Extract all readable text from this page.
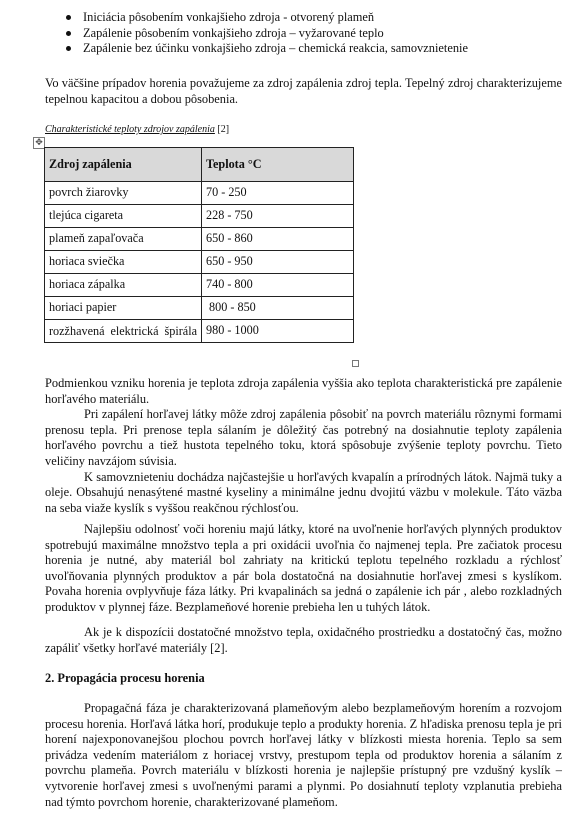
Iniciácia pôsobením vonkajšieho zdroja - otvorený plameň
Zapálenie pôsobením vonkajšieho zdroja – vyžarované teplo
Zapálenie bez účinku vonkajšieho zdroja – chemická reakcia, samovznietenie

Vo väčšine prípadov horenia považujeme za zdroj zapálenia zdroj tepla. Tepelný zdroj charakterizujeme tepelnou kapacitou a dobou pôsobenia.

Charakteristické teploty zdrojov zapálenia [2]
✥
Zdroj zapálenia	Teplota °C
povrch žiarovky	70 - 250
tlejúca cigareta	228 - 750
plameň zapaľovača	650 - 860
horiaca sviečka	650 - 950
horiaca zápalka	740 - 800
horiaci papier	800 - 850
rozžhavená elektrická špirála	980 - 1000

Podmienkou vzniku horenia je teplota zdroja zapálenia vyššia ako teplota charakteristická pre zapálenie horľavého materiálu.

Pri zapálení horľavej látky môže zdroj zapálenia pôsobiť na povrch materiálu rôznymi formami prenosu tepla. Pri prenose tepla sálaním je dôležitý čas potrebný na dosiahnutie teploty zapálenia horľavého povrchu a tiež hustota tepelného toku, ktorá spôsobuje zvýšenie teploty povrchu. Tieto veličiny navzájom súvisia.

K samovznieteniu dochádza najčastejšie u horľavých kvapalín a prírodných látok. Najmä tuky a oleje. Obsahujú nenasýtené mastné kyseliny a minimálne jednu dvojitú väzbu v molekule. Táto väzba na seba viaže kyslík s vyššou reakčnou rýchlosťou.

Najlepšiu odolnosť voči horeniu majú látky, ktoré na uvoľnenie horľavých plynných produktov spotrebujú maximálne množstvo tepla a pri oxidácii uvoľnia čo najmenej tepla. Pre začiatok procesu horenia je nutné, aby materiál bol zahriaty na kritickú teplotu tepelného rozkladu a rýchlosť uvoľňovania plynných produktov a pár bola dostatočná na dosiahnutie horľavej zmesi s kyslíkom. Povaha horenia ovplyvňuje fáza látky. Pri kvapalinách sa jedná o zapálenie ich pár , alebo rozkladných produktov v plynnej fáze. Bezplameňové horenie prebieha len u tuhých látok.

Ak je k dispozícii dostatočné množstvo tepla, oxidačného prostriedku a dostatočný čas, možno zapáliť všetky horľavé materiály [2].

2. Propagácia procesu horenia

Propagačná fáza je charakterizovaná plameňovým alebo bezplameňovým horením a rozvojom procesu horenia. Horľavá látka horí, produkuje teplo a produkty horenia. Z hľadiska prenosu tepla je pri horení najexponovanejšou plochou povrch horľavej látky v blízkosti miesta horenia. Teplo sa sem privádza vedením materiálom z horiacej vrstvy, prestupom tepla od produktov horenia a sálaním z povrchu plameňa. Povrch materiálu v blízkosti horenia je najlepšie prístupný pre vzdušný kyslík – vytvorenie horľavej zmesi s uvoľnenými parami a plynmi. Po dosiahnutí teploty vzplanutia prebieha nad týmto povrchom horenie, charakterizované plameňom.
